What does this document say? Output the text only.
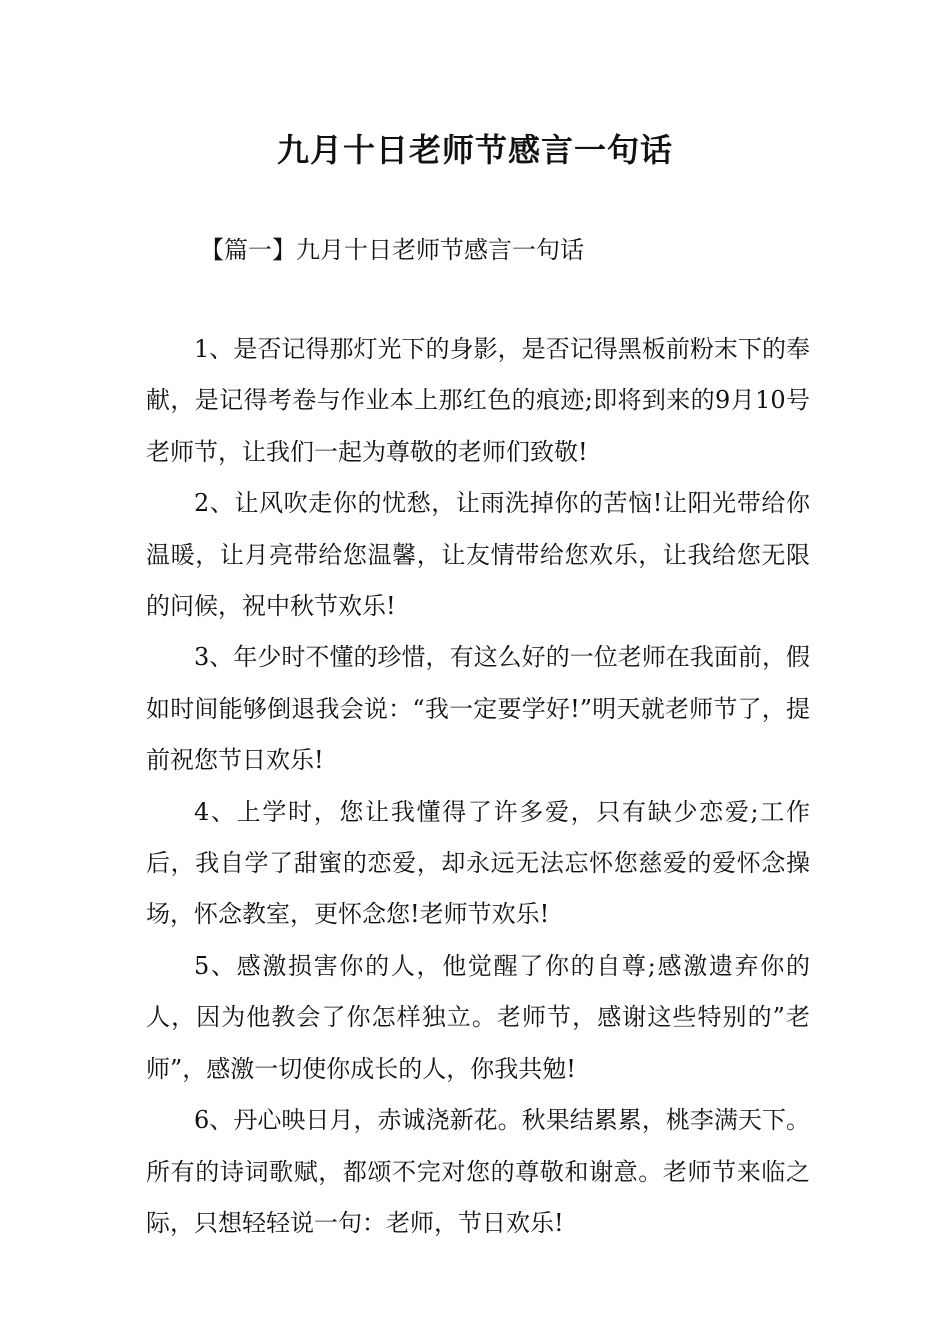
九月十日老师节感言一句话

【篇一】九月十日老师节感言一句话

1、是否记得那灯光下的身影，是否记得黑板前粉末下的奉献，是记得考卷与作业本上那红色的痕迹;即将到来的9月10号老师节，让我们一起为尊敬的老师们致敬!

2、让风吹走你的忧愁，让雨洗掉你的苦恼!让阳光带给你温暖，让月亮带给您温馨，让友情带给您欢乐，让我给您无限的问候，祝中秋节欢乐!

3、年少时不懂的珍惜，有这么好的一位老师在我面前，假如时间能够倒退我会说：“我一定要学好!”明天就老师节了，提前祝您节日欢乐!

4、上学时，您让我懂得了许多爱，只有缺少恋爱;工作后，我自学了甜蜜的恋爱，却永远无法忘怀您慈爱的爱怀念操场，怀念教室，更怀念您!老师节欢乐!

5、感激损害你的人，他觉醒了你的自尊;感激遗弃你的人，因为他教会了你怎样独立。老师节，感谢这些特别的”老师”，感激一切使你成长的人，你我共勉!

6、丹心映日月，赤诚浇新花。秋果结累累，桃李满天下。所有的诗词歌赋，都颂不完对您的尊敬和谢意。老师节来临之际，只想轻轻说一句：老师，节日欢乐!
